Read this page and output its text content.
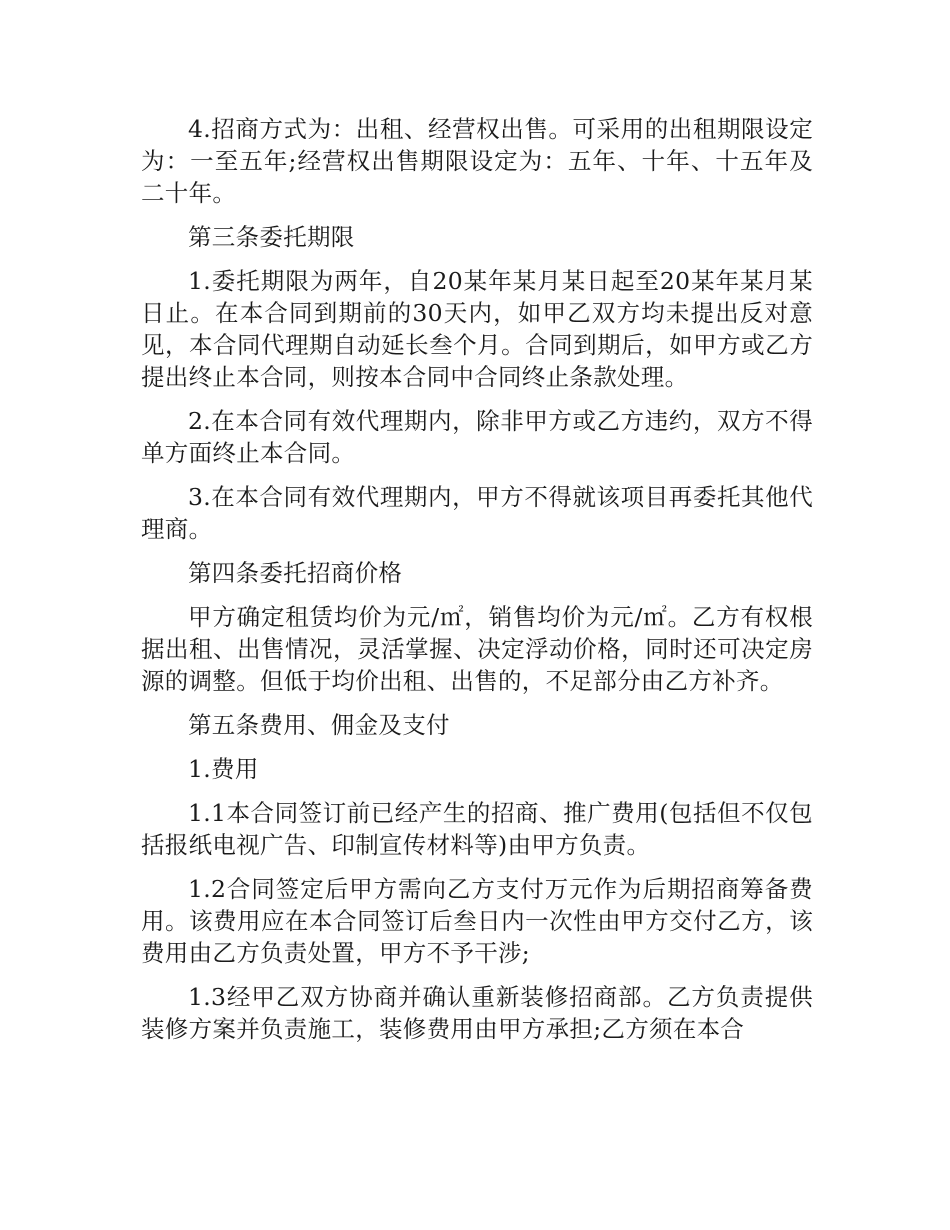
4.招商方式为：出租、经营权出售。可采用的出租期限设定为：一至五年;经营权出售期限设定为：五年、十年、十五年及二十年。

第三条委托期限

1.委托期限为两年，自20某年某月某日起至20某年某月某日止。在本合同到期前的30天内，如甲乙双方均未提出反对意见，本合同代理期自动延长叁个月。合同到期后，如甲方或乙方提出终止本合同，则按本合同中合同终止条款处理。

2.在本合同有效代理期内，除非甲方或乙方违约，双方不得单方面终止本合同。

3.在本合同有效代理期内，甲方不得就该项目再委托其他代理商。

第四条委托招商价格

甲方确定租赁均价为元/㎡，销售均价为元/㎡。乙方有权根据出租、出售情况，灵活掌握、决定浮动价格，同时还可决定房源的调整。但低于均价出租、出售的，不足部分由乙方补齐。

第五条费用、佣金及支付

1.费用

1.1本合同签订前已经产生的招商、推广费用(包括但不仅包括报纸电视广告、印制宣传材料等)由甲方负责。

1.2合同签定后甲方需向乙方支付万元作为后期招商筹备费用。该费用应在本合同签订后叁日内一次性由甲方交付乙方，该费用由乙方负责处置，甲方不予干涉;

1.3经甲乙双方协商并确认重新装修招商部。乙方负责提供装修方案并负责施工，装修费用由甲方承担;乙方须在本合
